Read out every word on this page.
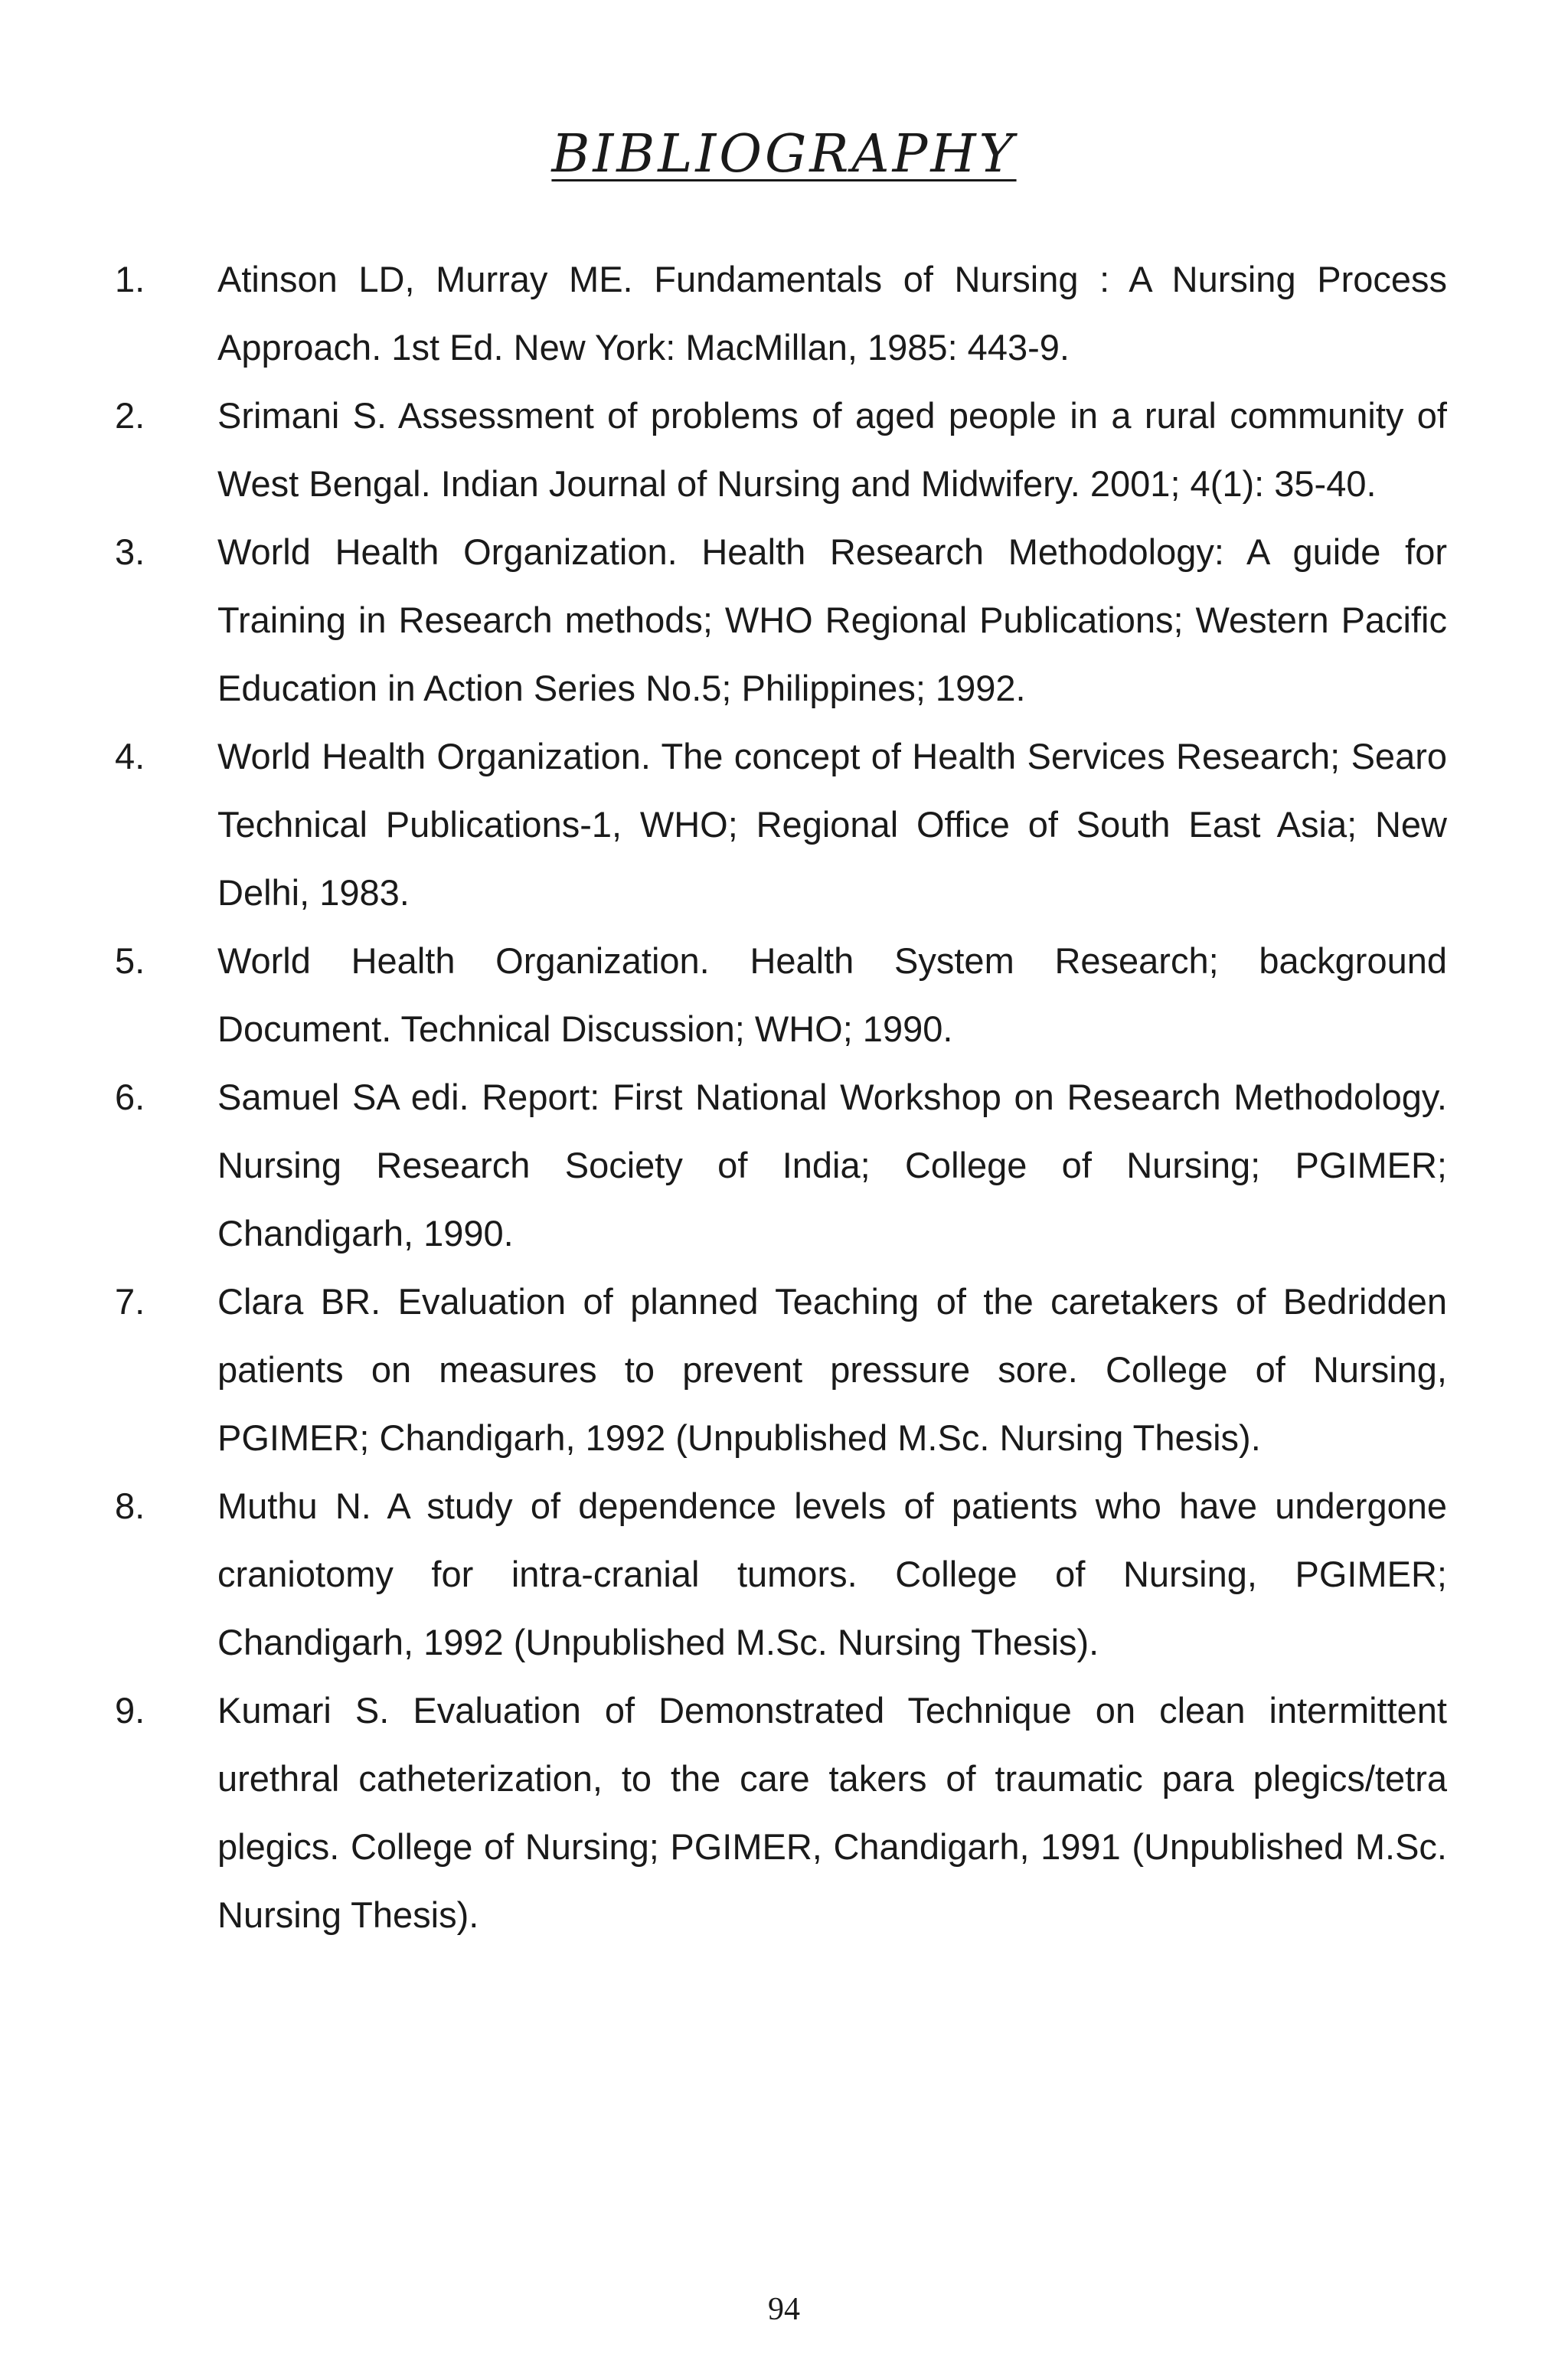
BIBLIOGRAPHY
1.	Atinson LD, Murray ME. Fundamentals of Nursing : A Nursing Process Approach. 1st Ed. New York: MacMillan, 1985: 443-9.
2.	Srimani S. Assessment of problems of aged people in a rural community of West Bengal. Indian Journal of Nursing and Midwifery. 2001; 4(1): 35-40.
3.	World Health Organization. Health Research Methodology: A guide for Training in Research methods; WHO Regional Publications; Western Pacific Education in Action Series No.5; Philippines; 1992.
4.	World Health Organization. The concept of Health Services Research; Searo Technical Publications-1, WHO; Regional Office of South East Asia; New Delhi, 1983.
5.	World Health Organization. Health System Research; background Document. Technical Discussion; WHO; 1990.
6.	Samuel SA edi. Report: First National Workshop on Research Methodology. Nursing Research Society of India; College of Nursing; PGIMER; Chandigarh, 1990.
7.	Clara BR. Evaluation of planned Teaching of the caretakers of Bedridden patients on measures to prevent pressure sore. College of Nursing, PGIMER; Chandigarh, 1992 (Unpublished M.Sc. Nursing Thesis).
8.	Muthu N. A study of dependence levels of patients who have undergone craniotomy for intra-cranial tumors. College of Nursing, PGIMER; Chandigarh, 1992 (Unpublished M.Sc. Nursing Thesis).
9.	Kumari S. Evaluation of Demonstrated Technique on clean intermittent urethral catheterization, to the care takers of traumatic para plegics/tetra plegics. College of Nursing; PGIMER, Chandigarh, 1991 (Unpublished M.Sc. Nursing Thesis).
94
